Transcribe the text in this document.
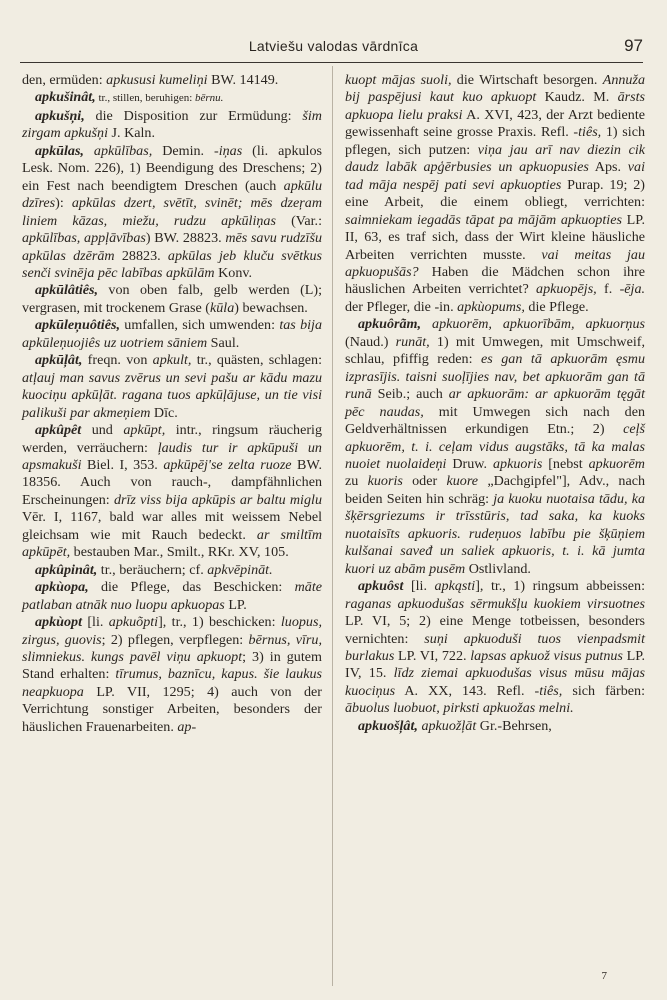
Latviešu valodas vārdnīca	97
den, ermüden: apkususi kumeliņi BW. 14149.
apkušinât, tr., stillen, beruhigen: bērnu.
apkušņi, die Disposition zur Ermüdung: šim zirgam apkušņi J. Kaln.
apkūlas, apkūlības, Demin. -iņas (li. apkulos Lesk. Nom. 226), 1) Beendigung des Dreschens; 2) ein Fest nach beendigtem Dreschen (auch apkūlu dzīres): apkūlas dzert, svētīt, svinēt; mēs dzeŗam liniem kāzas, miežu, rudzu apkūliņas (Var.: apkūlības, appļāvības) BW. 28823. mēs savu rudzīšu apkūlas dzērām 28823. apkūlas jeb kluču svētkus senči svinēja pēc labības apkūlām Konv.
apkūlâtiês, von oben falb, gelb werden (L); vergrasen, mit trockenem Grase (kūla) bewachsen.
apkūleņuôtiês, umfallen, sich umwenden: tas bija apkūleņuojiês uz uotriem sāniem Saul.
apkūļât, freqn. von apkult, tr., quästen, schlagen: atļauj man savus zvērus un sevi pašu ar kādu mazu kuociņu apkūļāt. ragana tuos apkūļājuse, un tie visi palikuši par akmeņiem Dīc.
apkûpêt und apkūpt, intr., ringsum räucherig werden, verräuchern: ļaudis tur ir apkūpuši un apsmakuši Biel. I, 353. apkūpēj'se zelta ruoze BW. 18356. Auch von rauch-, dampfähnlichen Erscheinungen: drīz viss bija apkūpis ar baltu miglu Vēr. I, 1167, bald war alles mit weissem Nebel gleichsam wie mit Rauch bedeckt. ar smiltīm apkūpēt, bestauben Mar., Smilt., RKr. XV, 105.
apkûpinât, tr., beräuchern; cf. apkvēpināt.
apkùopa, die Pflege, das Beschicken: māte patlaban atnāk nuo luopu apkuopas LP.
apkùopt [li. apkuõpti], tr., 1) beschicken: luopus, zirgus, guovis; 2) pflegen, verpflegen: bērnus, vīru, slimniekus. kungs pavēl viņu apkuopt; 3) in gutem Stand erhalten: tīrumus, baznīcu, kapus. šie laukus neapkuopa LP. VII, 1295; 4) auch von der Verrichtung sonstiger Arbeiten, besonders der häuslichen Frauenarbeiten. ap-
kuopt mājas suoli, die Wirtschaft besorgen. Annuža bij paspējusi kaut kuo apkuopt Kaudz. M. ārsts apkuopa lielu praksi A. XVI, 423, der Arzt bediente gewissenhaft seine grosse Praxis. Refl. -tiês, 1) sich pflegen, sich putzen: viņa jau arī nav diezin cik daudz labāk apģērbusies un apkuopusies Aps. vai tad māja nespēj pati sevi apkuopties Purap. 19; 2) eine Arbeit, die einem obliegt, verrichten: saimniekam iegadās tāpat pa mājām apkuopties LP. II, 63, es traf sich, dass der Wirt kleine häusliche Arbeiten verrichten musste. vai meitas jau apkuopušās? Haben die Mädchen schon ihre häuslichen Arbeiten verrichtet? apkuopējs, f. -ēja. der Pfleger, die -in. apkùopums, die Pflege.
apkuôrãm, apkuorēm, apkuorībām, apkuorņus (Naud.) runāt, 1) mit Umwegen, mit Umschweif, schlau, pfiffig reden: es gan tā apkuorām ęsmu izprasījis. taisni suoļījies nav, bet apkuorām gan tā runā Seib.; auch ar apkuorām: ar apkuorām tęgāt pēc naudas, mit Umwegen sich nach den Geldverhältnissen erkundigen Etn.; 2) ceļš apkuorēm, t. i. ceļam vidus augstāks, tā ka malas nuoiet nuolaideņi Druw. apkuoris [nebst apkuorēm zu kuoris oder kuore „Dachgipfel"], Adv., nach beiden Seiten hin schräg: ja kuoku nuotaisa tādu, ka šķērsgriezums ir trīsstūris, tad saka, ka kuoks nuotaisīts apkuoris. rudeņuos labību pie šķūņiem kulšanai saveđ un saliek apkuoris, t. i. kā jumta kuori uz abām pusēm Ostlivland.
apkuôst [li. apkąsti], tr., 1) ringsum abbeissen: raganas apkuodušas sērmukšļu kuokiem virsuotnes LP. VI, 5; 2) eine Menge totbeissen, besonders vernichten: suņi apkuoduši tuos vienpadsmit burlakus LP. VI, 722. lapsas apkuož visus putnus LP. IV, 15. līdz ziemai apkuodušas visus mūsu mājas kuociņus A. XX, 143. Refl. -tiês, sich färben: ābuolus luobuot, pirksti apkuožas melni.
apkuošļât, apkuožļāt Gr.-Behrsen,
7
